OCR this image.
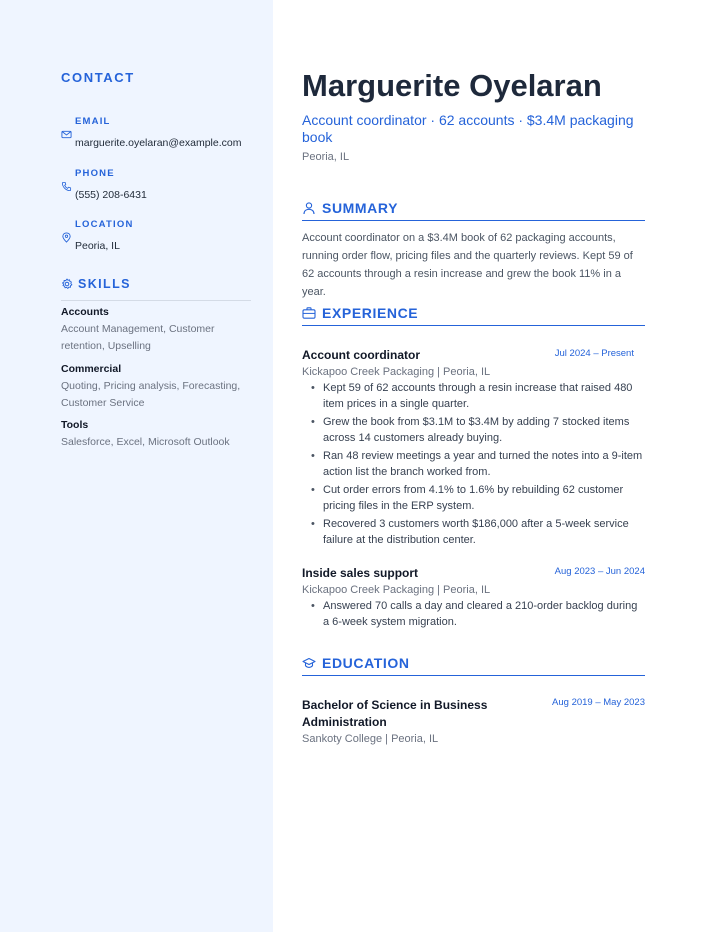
CONTACT
EMAIL
marguerite.oyelaran@example.com
PHONE
(555) 208-6431
LOCATION
Peoria, IL
SKILLS
Accounts
Account Management, Customer retention, Upselling
Commercial
Quoting, Pricing analysis, Forecasting, Customer Service
Tools
Salesforce, Excel, Microsoft Outlook
Marguerite Oyelaran
Account coordinator · 62 accounts · $3.4M packaging book
Peoria, IL
SUMMARY
Account coordinator on a $3.4M book of 62 packaging accounts, running order flow, pricing files and the quarterly reviews. Kept 59 of 62 accounts through a resin increase and grew the book 11% in a year.
EXPERIENCE
Account coordinator	Jul 2024 – Present
Kickapoo Creek Packaging | Peoria, IL
• Kept 59 of 62 accounts through a resin increase that raised 480 item prices in a single quarter.
• Grew the book from $3.1M to $3.4M by adding 7 stocked items across 14 customers already buying.
• Ran 48 review meetings a year and turned the notes into a 9-item action list the branch worked from.
• Cut order errors from 4.1% to 1.6% by rebuilding 62 customer pricing files in the ERP system.
• Recovered 3 customers worth $186,000 after a 5-week service failure at the distribution center.
Inside sales support	Aug 2023 – Jun 2024
Kickapoo Creek Packaging | Peoria, IL
• Answered 70 calls a day and cleared a 210-order backlog during a 6-week system migration.
EDUCATION
Bachelor of Science in Business Administration
Aug 2019 – May 2023
Sankoty College | Peoria, IL
